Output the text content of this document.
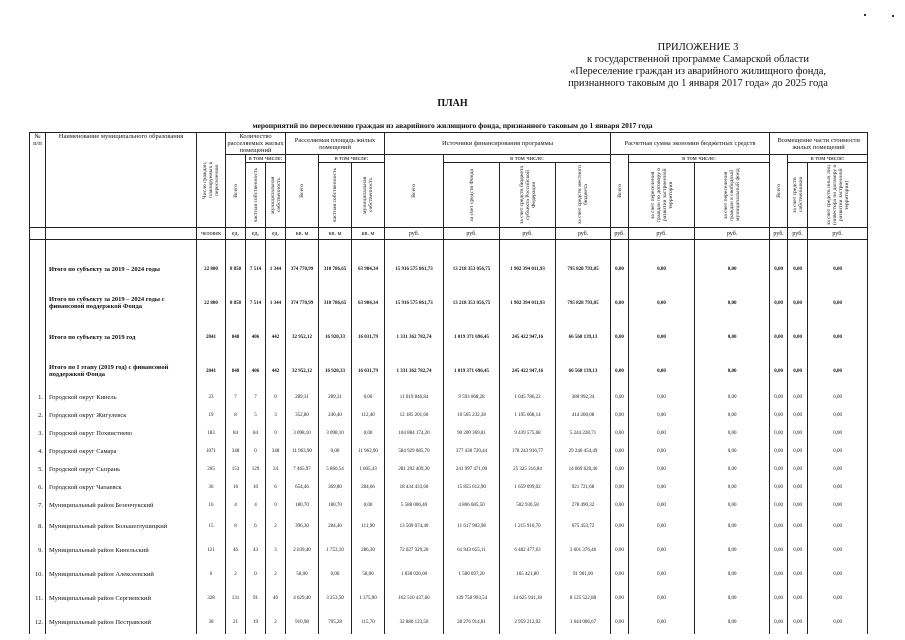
ПРИЛОЖЕНИЕ 3
к государственной программе Самарской области
«Переселение граждан из аварийного жилищного фонда,
признанного таковым до 1 января 2017 года» до 2025 года
ПЛАН
мероприятий по переселению граждан из аварийного жилищного фонда, признанного таковым до 1 января 2017 года
№ п/п	Наименование муниципального образования	Число граждан, планируемых к переселению	Количество расселяемых жилых помещений			Расселяемая площадь жилых помещений			Источники финансирования программы				Расчетная сумма экономии бюджетных средств			Возмещение части стоимости жилых помещений		

			Всего	в том числе:		Всего	в том числе:		Всего	в том числе:			Всего	в том числе:		Всего	в том числе:	

				частная собственность	муниципальная собственность		частная собственность	муниципальная собственность		за счет средств Фонда	за счет средств бюджета субъекта Российской Федерации	за счет средств местного бюджета		за счет переселения граждан по договору о развитии застроенной территории	за счет переселения граждан в свободный муниципальный фонд		за счет средств собственников	за счет средств иных лиц (инвестора по договору о развитии застроенной территории)

		человек	ед.	ед.	ед.	кв. м	кв. м	кв. м	руб.	руб.	руб.	руб.	руб.	руб.	руб.	руб.	руб.	руб.

	Итого по субъекту за 2019 – 2024 годы	22 800	8 858	7 514	1 344	374 770,99	310 786,65	63 984,34	15 916 575 861,73	13 218 353 056,75	1 902 394 011,93	795 828 793,05	0,00	0,00	0,00	0,00	0,00	0,00
	Итого по субъекту за 2019 – 2024 годы с финансовой поддержкой Фонда	22 800	8 858	7 514	1 344	374 770,99	310 786,65	63 984,34	15 916 575 861,73	13 218 353 056,75	1 902 394 011,93	795 828 793,05	0,00	0,00	0,00	0,00	0,00	0,00
	Итого по субъекту за 2019 год	2041	848	406	442	32 952,12	16 920,33	16 031,79	1 331 362 782,74	1 019 371 696,45	245 422 947,16	66 568 139,13	0,00	0,00	0,00	0,00	0,00	0,00
	Итого по I этапу (2019 год) с финансовой поддержкой Фонда	2041	848	406	442	32 952,12	16 920,33	16 031,79	1 331 362 782,74	1 019 371 696,45	245 422 947,16	66 568 139,13	0,00	0,00	0,00	0,00	0,00	0,00
1.	Городской округ Кинель	23	7	7	0	289,31	289,31	0,00	11 019 846,84	9 593 068,28	1 045 786,22	380 992,34	0,00	0,00	0,00	0,00	0,00	0,00
2.	Городской округ Жигулевск	19	8	5	3	352,80	240,40	112,40	12 185 201,60	10 565 232,38	1 195 668,14	414 260,08	0,00	0,00	0,00	0,00	0,00	0,00
3.	Городской округ Похвистнево	183	84	84	0	3 098,10	3 098,10	0,00	104 884 174,20	90 200 369,81	9 439 575,68	5 244 228,71	0,00	0,00	0,00	0,00	0,00	0,00
4.	Городской округ Самара	1071	348	0	348	11 963,90	0,00	11 963,90	584 929 085,70	377 438 720,44	178 243 916,77	29 246 454,49	0,00	0,00	0,00	0,00	0,00	0,00
5.	Городской округ Сызрань	265	153	129	24	7 465,97	5 860,54	1 605,43	281 292 409,30	241 997 471,00	25 325 316,84	14 069 620,46	0,00	0,00	0,00	0,00	0,00	0,00
6.	Городской округ Чапаевск	36	16	10	6	654,46	369,80	284,66	18 434 433,60	15 855 612,90	1 659 099,02	921 721,68	0,00	0,00	0,00	0,00	0,00	0,00
7.	Муниципальный район Безенчукский	16	4	4	0	180,70	180,70	0,00	5 588 006,40	4 806 685,50	502 930,58	278 490,32	0,00	0,00	0,00	0,00	0,00	0,00
8.	Муниципальный район Большеглушицкий	15	8	6	2	396,30	284,40	111,90	13 509 074,40	11 617 903,98	1 215 916,70	675 453,72	0,00	0,00	0,00	0,00	0,00	0,00
9.	Муниципальный район Кинельский	121	46	43	3	2 039,40	1 753,10	286,30	72 027 329,20	61 943 655,11	6 482 477,63	3 601 376,46	0,00	0,00	0,00	0,00	0,00	0,00
10.	Муниципальный район Алексеевский	6	2	0	2	58,00	0,00	58,00	1 838 020,00	1 580 697,20	165 421,80	91 901,00	0,00	0,00	0,00	0,00	0,00	0,00
11.	Муниципальный район Сергиевский	328	131	91	40	4 629,40	3 253,50	1 375,90	162 510 437,60	139 758 993,54	14 625 941,18	8 125 522,88	0,00	0,00	0,00	0,00	0,00	0,00
12.	Муниципальный район Пестравский	30	21	19	2	910,98	795,28	115,70	32 880 123,50	28 276 914,81	2 959 212,02	1 644 006,67	0,00	0,00	0,00	0,00	0,00	0,00
